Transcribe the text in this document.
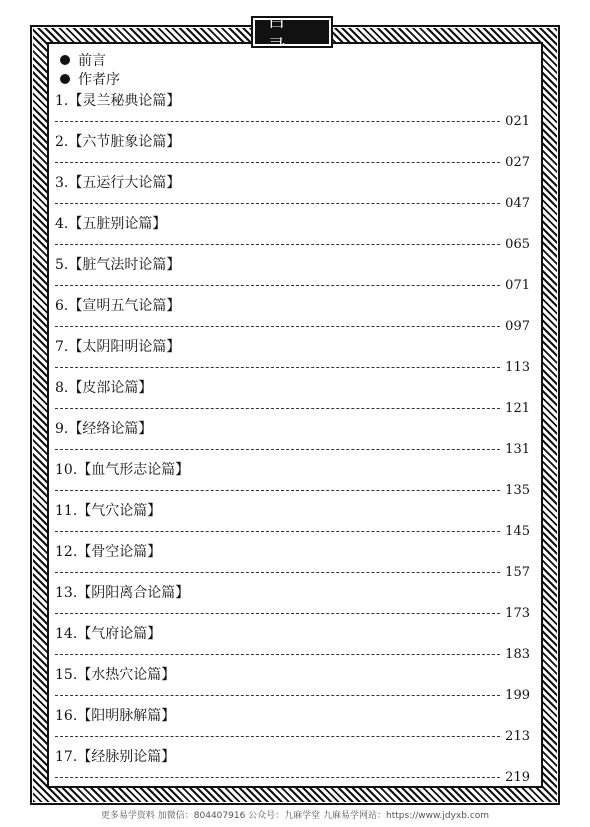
目
前言
作者序
1.【灵兰秘典论篇】
021
2.【六节脏象论篇】
027
3.【五运行大论篇】
047
4.【五脏别论篇】
065
5.【脏气法时论篇】
071
6.【宣明五气论篇】
097
7.【太阴阳明论篇】
113
8.【皮部论篇】
121
9.【经络论篇】
131
10.【血气形志论篇】
135
11.【气穴论篇】
145
12.【骨空论篇】
157
13.【阴阳离合论篇】
173
14.【气府论篇】
183
15.【水热穴论篇】
199
16.【阳明脉解篇】
213
17.【经脉别论篇】
219
更多易学资料 加微信：804407916 公众号：九麻学堂 九麻易学网站：https://www.jdyxb.com
